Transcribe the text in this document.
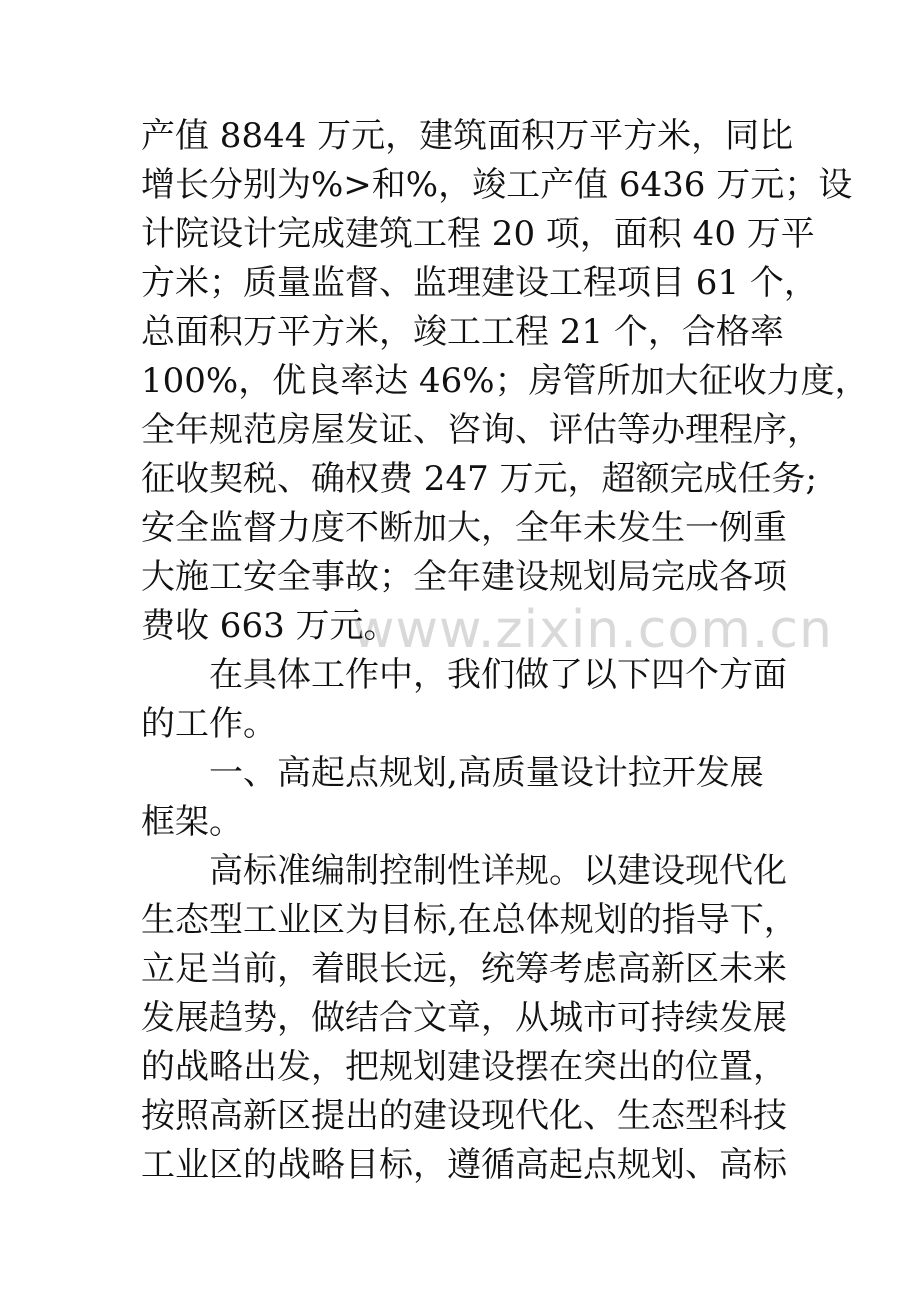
www.zixin.com.cn
产值 8844 万元，建筑面积万平方米，同比
增长分别为%>和%，竣工产值 6436 万元；设
计院设计完成建筑工程 20 项，面积 40 万平
方米；质量监督、监理建设工程项目 61 个，
总面积万平方米，竣工工程 21 个，合格率
100%，优良率达 46%；房管所加大征收力度，
全年规范房屋发证、咨询、评估等办理程序，
征收契税、确权费 247 万元，超额完成任务;
安全监督力度不断加大，全年未发生一例重
大施工安全事故；全年建设规划局完成各项
费收 663 万元。
在具体工作中，我们做了以下四个方面
的工作。
一、高起点规划,高质量设计拉开发展
框架。
高标准编制控制性详规。以建设现代化
生态型工业区为目标,在总体规划的指导下，
立足当前，着眼长远，统筹考虑高新区未来
发展趋势，做结合文章，从城市可持续发展
的战略出发，把规划建设摆在突出的位置，
按照高新区提出的建设现代化、生态型科技
工业区的战略目标，遵循高起点规划、高标
